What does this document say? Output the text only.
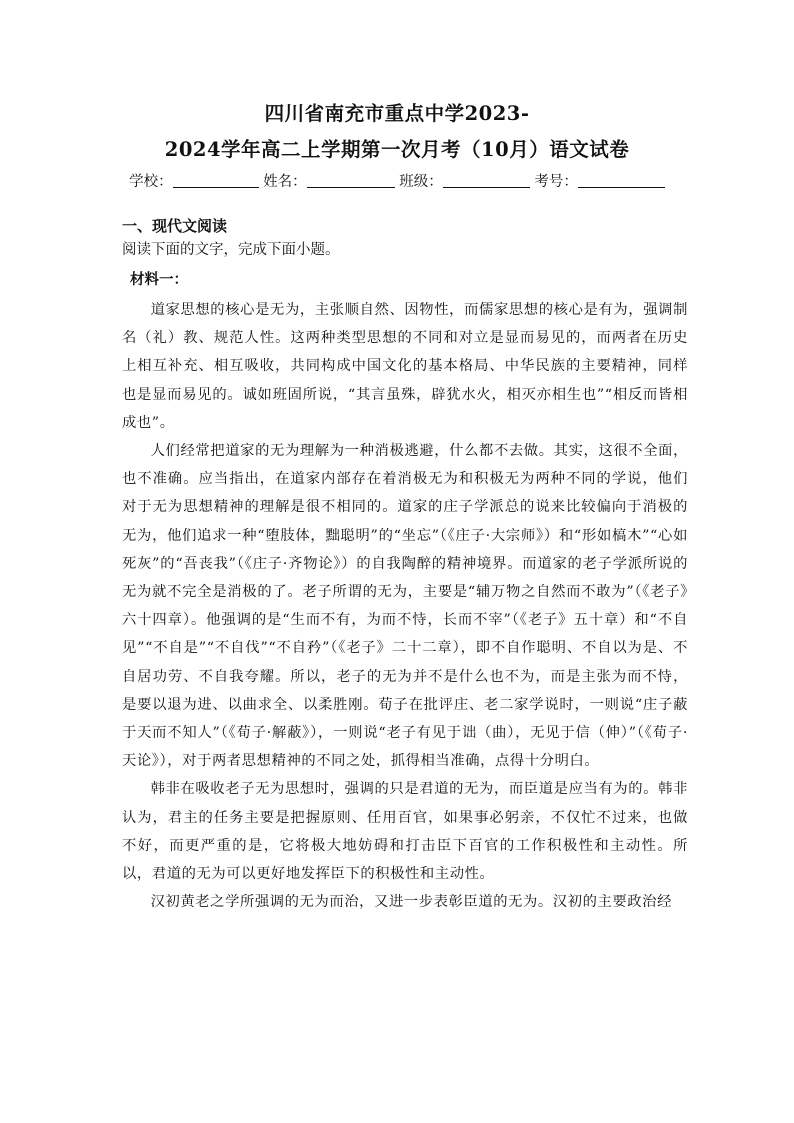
四川省南充市重点中学2023-
2024学年高二上学期第一次月考（10月）语文试卷
学校：	姓名：	班级：	考号：
一、现代文阅读
阅读下面的文字，完成下面小题。
材料一：

道家思想的核心是无为，主张顺自然、因物性，而儒家思想的核心是有为，强调制名（礼）教、规范人性。这两种类型思想的不同和对立是显而易见的，而两者在历史上相互补充、相互吸收，共同构成中国文化的基本格局、中华民族的主要精神，同样也是显而易见的。诚如班固所说，“其言虽殊，辟犹水火，相灭亦相生也”“相反而皆相成也”。

人们经常把道家的无为理解为一种消极逃避，什么都不去做。其实，这很不全面，也不准确。应当指出，在道家内部存在着消极无为和积极无为两种不同的学说，他们对于无为思想精神的理解是很不相同的。道家的庄子学派总的说来比较偏向于消极的无为，他们追求一种“堕肢体，黜聪明”的“坐忘”（《庄子·大宗师》）和“形如槁木”“心如死灰”的“吾丧我”（《庄子·齐物论》）的自我陶醉的精神境界。而道家的老子学派所说的无为就不完全是消极的了。老子所谓的无为，主要是“辅万物之自然而不敢为”（《老子》六十四章）。他强调的是“生而不有，为而不恃，长而不宰”（《老子》五十章）和“不自见”“不自是”“不自伐”“不自矜”（《老子》二十二章），即不自作聪明、不自以为是、不自居功劳、不自我夸耀。所以，老子的无为并不是什么也不为，而是主张为而不恃，是要以退为进、以曲求全、以柔胜刚。荀子在批评庄、老二家学说时，一则说“庄子蔽于天而不知人”（《荀子·解蔽》），一则说“老子有见于诎（曲），无见于信（伸）”（《荀子·天论》），对于两者思想精神的不同之处，抓得相当准确，点得十分明白。

韩非在吸收老子无为思想时，强调的只是君道的无为，而臣道是应当有为的。韩非认为，君主的任务主要是把握原则、任用百官，如果事必躬亲，不仅忙不过来，也做不好，而更严重的是，它将极大地妨碍和打击臣下百官的工作积极性和主动性。所以，君道的无为可以更好地发挥臣下的积极性和主动性。

汉初黄老之学所强调的无为而治，又进一步表彰臣道的无为。汉初的主要政治经
